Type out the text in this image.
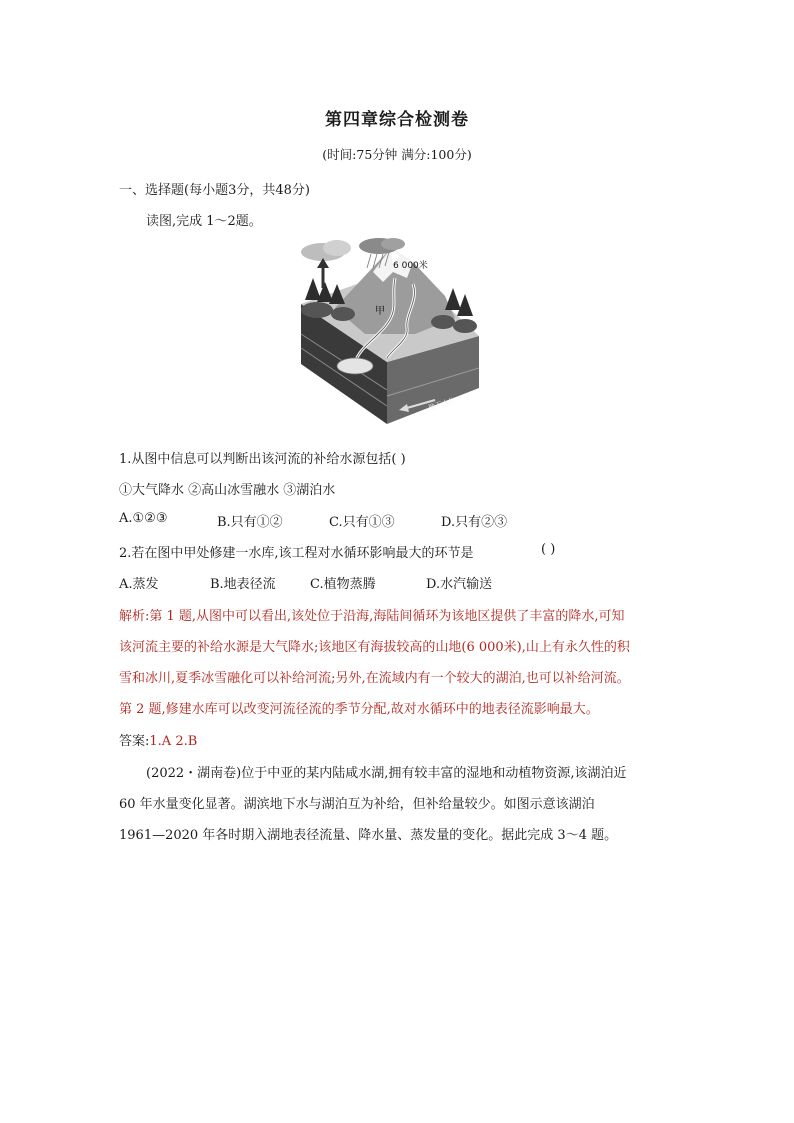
第四章综合检测卷
(时间:75分钟 满分:100分)
一、选择题(每小题3分，共48分)
读图,完成 1～2题。
6 000米
甲
地下水位
1.从图中信息可以判断出该河流的补给水源包括( )
①大气降水 ②高山冰雪融水 ③湖泊水
A.①②③	B.只有①②	C.只有①③	D.只有②③
2.若在图中甲处修建一水库,该工程对水循环影响最大的环节是	( )
A.蒸发	B.地表径流	C.植物蒸腾	D.水汽输送
解析:第 1 题,从图中可以看出,该处位于沿海,海陆间循环为该地区提供了丰富的降水,可知
该河流主要的补给水源是大气降水;该地区有海拔较高的山地(6 000米),山上有永久性的积
雪和冰川,夏季冰雪融化可以补给河流;另外,在流域内有一个较大的湖泊,也可以补给河流。
第 2 题,修建水库可以改变河流径流的季节分配,故对水循环中的地表径流影响最大。
答案:1.A 2.B
(2022・湖南卷)位于中亚的某内陆咸水湖,拥有较丰富的湿地和动植物资源,该湖泊近
60 年水量变化显著。湖滨地下水与湖泊互为补给，但补给量较少。如图示意该湖泊
1961—2020 年各时期入湖地表径流量、降水量、蒸发量的变化。据此完成 3～4 题。
